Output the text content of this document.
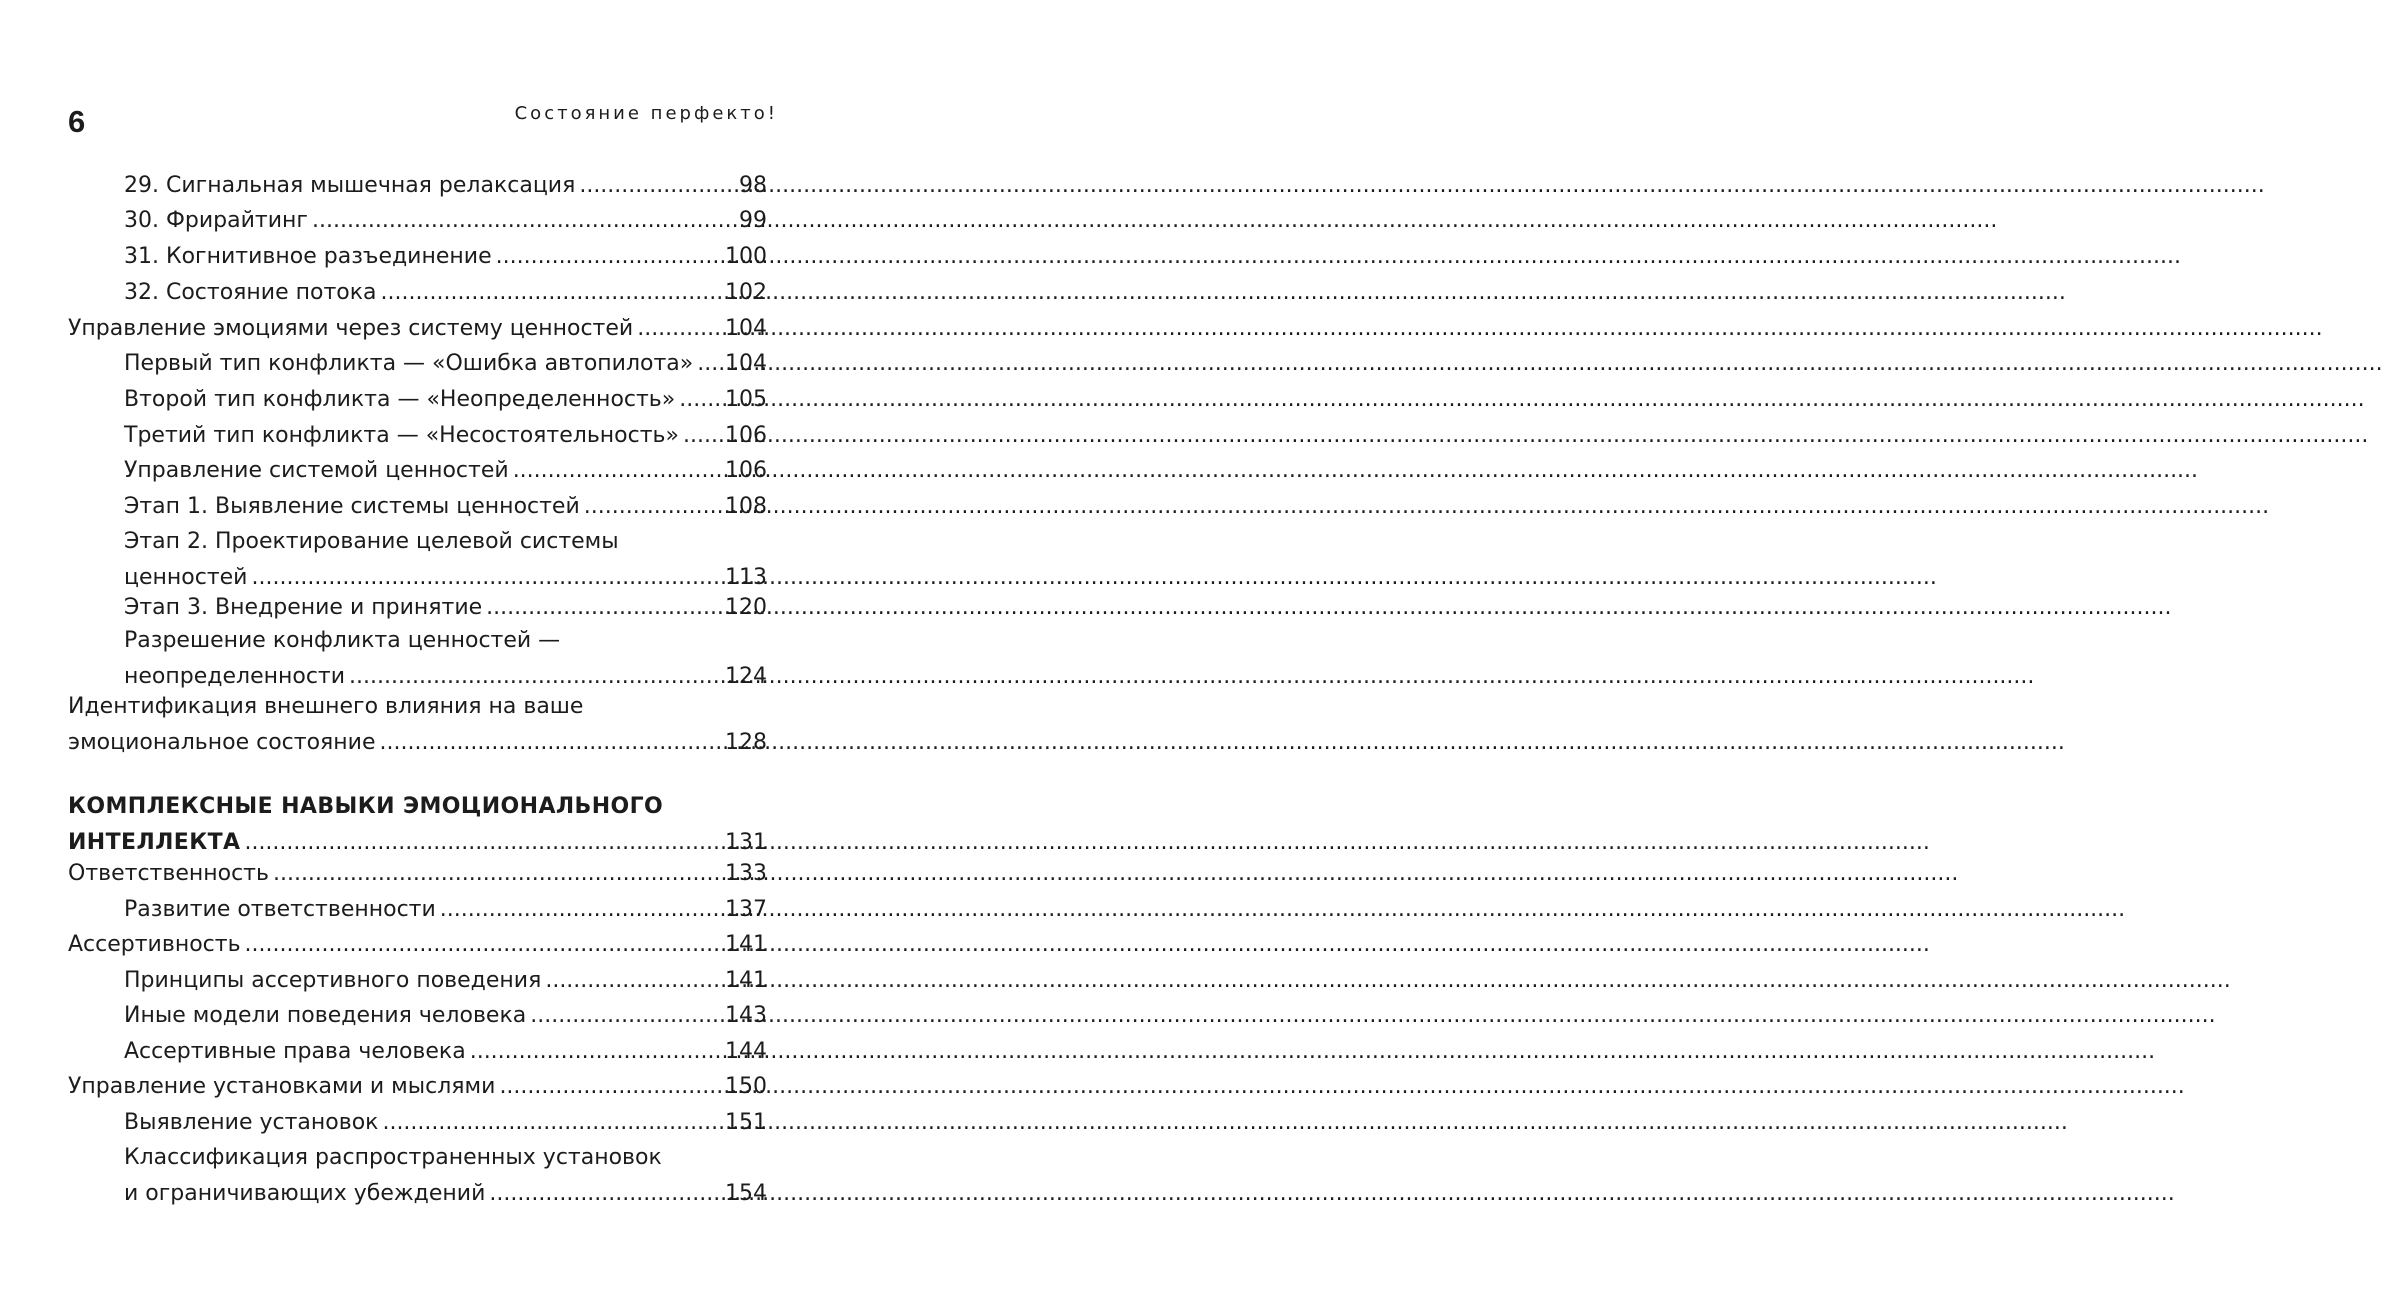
6	Состояние перфекто!
29. Сигнальная мышечная релаксация .....	98
30. Фрирайтинг .....	99
31. Когнитивное разъединение .....	100
32. Состояние потока .....	102
Управление эмоциями через систему ценностей .....	104
Первый тип конфликта — «Ошибка автопилота» ..... 104
Второй тип конфликта — «Неопределенность» ..... 105
Третий тип конфликта — «Несостоятельность» ..... 106
Управление системой ценностей .....	106
Этап 1. Выявление системы ценностей .....	108
Этап 2. Проектирование целевой системы
ценностей .....	113
Этап 3. Внедрение и принятие .....	120
Разрешение конфликта ценностей —
неопределенности .....	124
Идентификация внешнего влияния на ваше
эмоциональное состояние .....	128
КОМПЛЕКСНЫЕ НАВЫКИ ЭМОЦИОНАЛЬНОГО
ИНТЕЛЛЕКТА .....	131
Ответственность .....	133
Развитие ответственности .....	137
Ассертивность .....	141
Принципы ассертивного поведения .....	141
Иные модели поведения человека .....	143
Ассертивные права человека .....	144
Управление установками и мыслями .....	150
Выявление установок .....	151
Классификация распространенных установок
и ограничивающих убеждений .....	154
